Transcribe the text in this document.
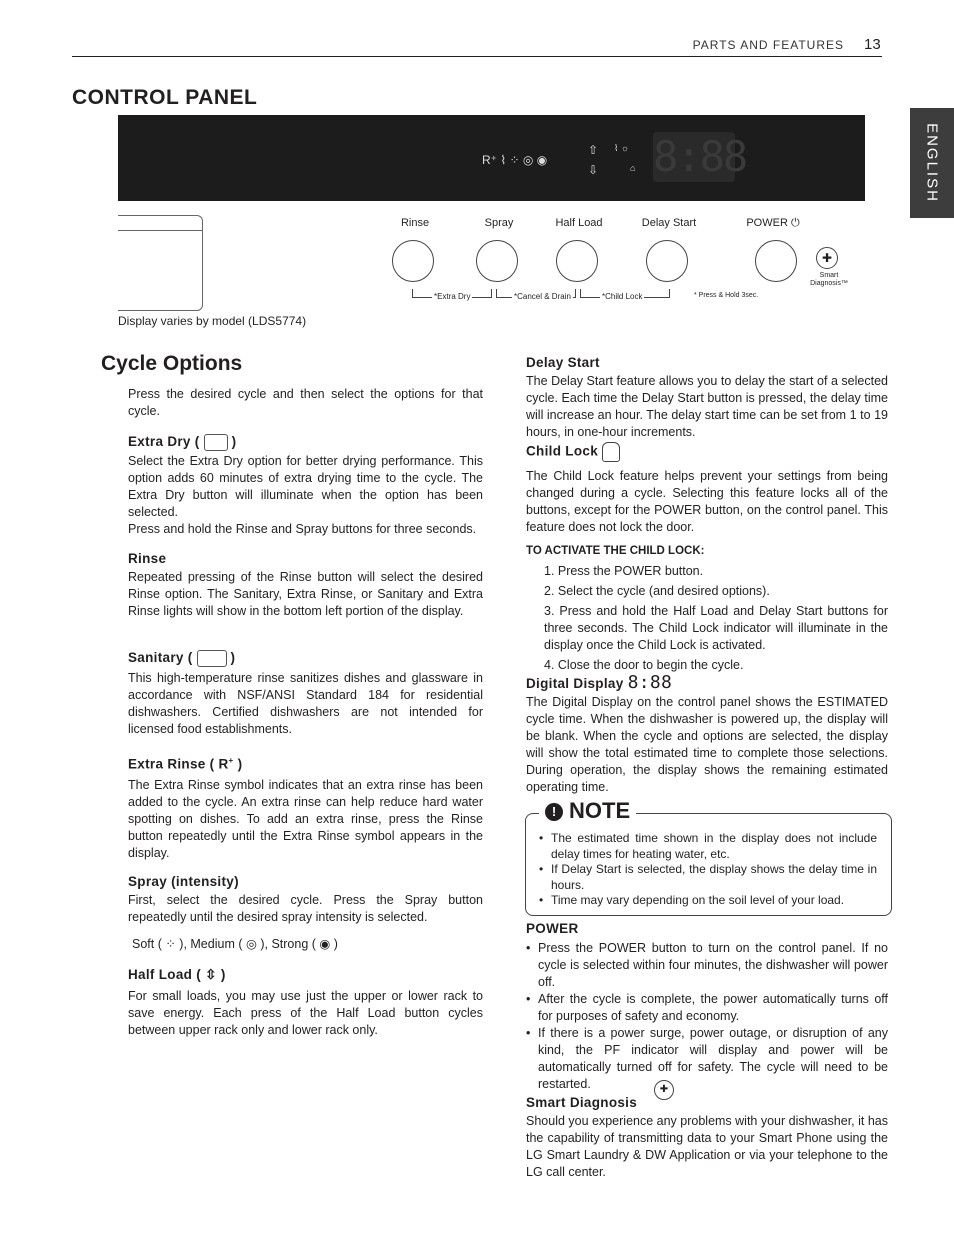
PARTS AND FEATURES 13
ENGLISH
CONTROL PANEL
R⁺ ⌇ ⁘ ◎ ◉
⇧
⇩
⌇ ☼
⌂ 8:88
Rinse	Spray	Half Load	Delay Start	POWER ⏻
✚
Smart Diagnosis™
*Extra Dry	*Cancel & Drain	*Child Lock	* Press & Hold 3sec.
Display varies by model (LDS5774)
Cycle Options

Press the desired cycle and then select the options for that cycle.

Extra Dry ( )

Select the Extra Dry option for better drying performance. This option adds 60 minutes of extra drying time to the cycle. The Extra Dry button will illuminate when the option has been selected.

Press and hold the Rinse and Spray buttons for three seconds.

Rinse

Repeated pressing of the Rinse button will select the desired Rinse option. The Sanitary, Extra Rinse, or Sanitary and Extra Rinse lights will show in the bottom left portion of the display.

Sanitary (	)

This high-temperature rinse sanitizes dishes and glassware in accordance with NSF/ANSI Standard 184 for residential dishwashers. Certified dishwashers are not intended for licensed food establishments.

Extra Rinse ( R+ )

The Extra Rinse symbol indicates that an extra rinse has been added to the cycle. An extra rinse can help reduce hard water spotting on dishes. To add an extra rinse, press the Rinse button repeatedly until the Extra Rinse symbol appears in the display.

Spray (intensity)

First, select the desired cycle. Press the Spray button repeatedly until the desired spray intensity is selected.

Soft ( ⁘ ), Medium ( ◎ ), Strong ( ◉ )

Half Load ( ⇳ )

For small loads, you may use just the upper or lower rack to save energy. Each press of the Half Load button cycles between upper rack only and lower rack only.

Delay Start

The Delay Start feature allows you to delay the start of a selected cycle. Each time the Delay Start button is pressed, the delay time will increase an hour. The delay start time can be set from 1 to 19 hours, in one-hour increments.

Child Lock

The Child Lock feature helps prevent your settings from being changed during a cycle. Selecting this feature locks all of the buttons, except for the POWER button, on the control panel. This feature does not lock the door.

TO ACTIVATE THE CHILD LOCK:

1. Press the POWER button.

2. Select the cycle (and desired options).

3. Press and hold the Half Load and Delay Start buttons for three seconds. The Child Lock indicator will illuminate in the display once the Child Lock is activated.

4. Close the door to begin the cycle.

Digital Display 8:88

The Digital Display on the control panel shows the ESTIMATED cycle time. When the dishwasher is powered up, the display will be blank. When the cycle and options are selected, the display will show the total estimated time to complete those selections. During operation, the display shows the remaining estimated operating time.

! NOTE

• The estimated time shown in the display does not include delay times for heating water, etc.

• If Delay Start is selected, the display shows the delay time in hours.

• Time may vary depending on the soil level of your load.

POWER

• Press the POWER button to turn on the control panel. If no cycle is selected within four minutes, the dishwasher will power off.

• After the cycle is complete, the power automatically turns off for purposes of safety and economy.

• If there is a power surge, power outage, or disruption of any kind, the PF indicator will display and power will be automatically turned off for safety. The cycle will need to be restarted.

Smart Diagnosis

Should you experience any problems with your dishwasher, it has the capability of transmitting data to your Smart Phone using the LG Smart Laundry & DW Application or via your telephone to the LG call center.

✚
